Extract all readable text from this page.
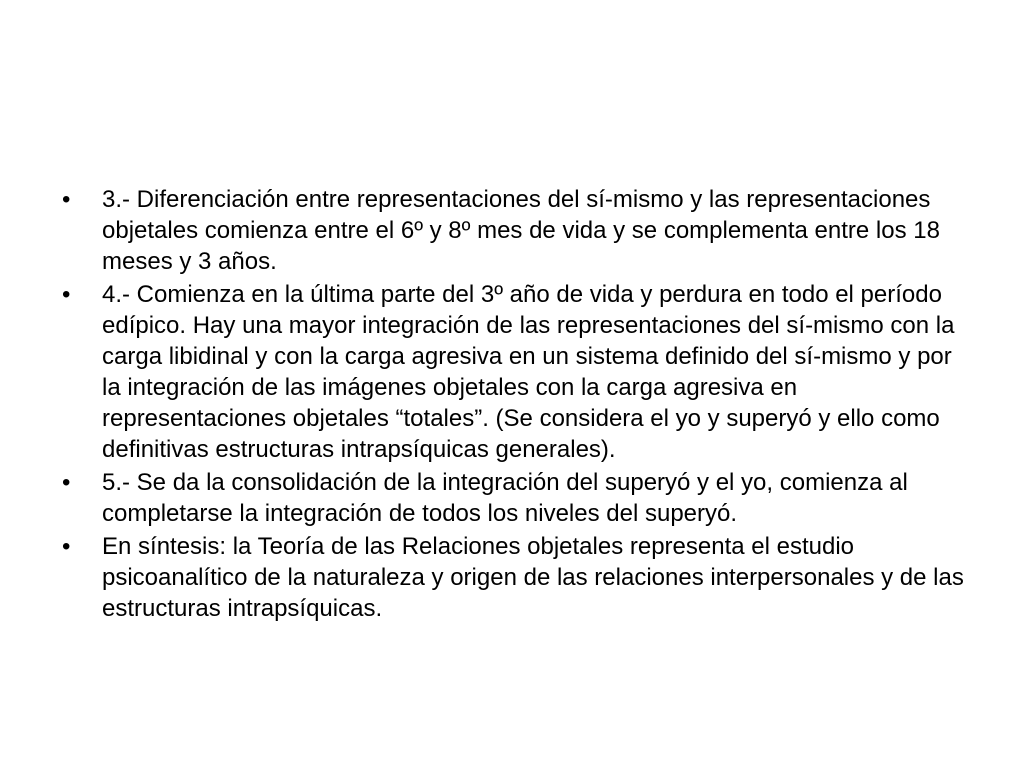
• 3.- Diferenciación entre representaciones del sí-mismo y las representaciones objetales comienza entre el 6º y 8º mes de vida y se complementa entre los 18 meses y 3 años.
• 4.- Comienza en la última parte del 3º año de vida y perdura en todo el período edípico. Hay una mayor integración de las representaciones del sí-mismo con la carga libidinal y con la carga agresiva en un sistema definido del sí-mismo y por la integración de las imágenes objetales con la carga agresiva en representaciones objetales “totales”. (Se considera el yo y superyó y ello como definitivas estructuras intrapsíquicas generales).
• 5.- Se da la consolidación de la integración del superyó y el yo, comienza al completarse la integración de todos los niveles del superyó.
• En síntesis: la Teoría de las Relaciones objetales representa el estudio psicoanalítico de la naturaleza y origen de las relaciones interpersonales y de las estructuras intrapsíquicas.
